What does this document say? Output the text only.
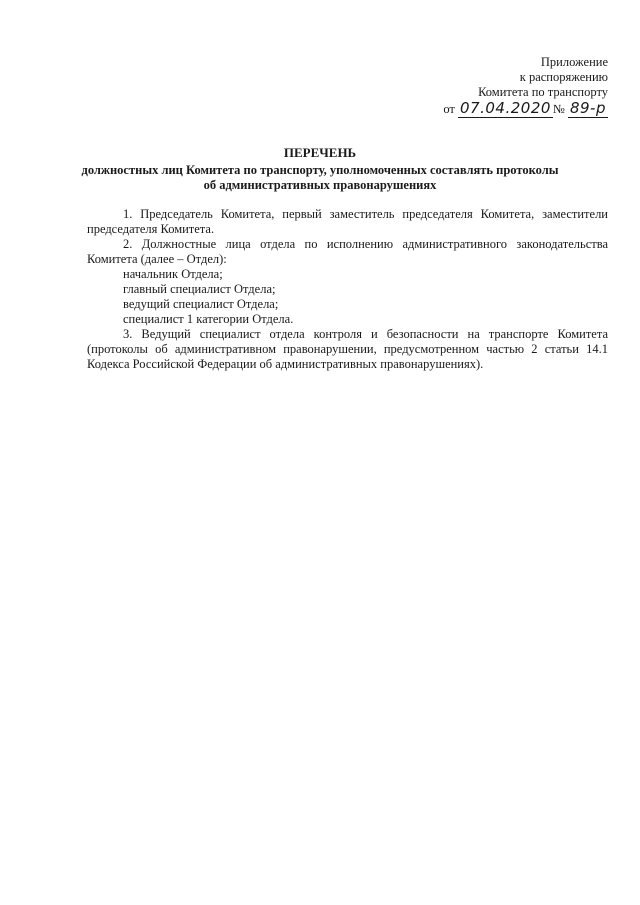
Приложение
к распоряжению
Комитета по транспорту
от 07.04.2020 № 89-р
ПЕРЕЧЕНЬ
должностных лиц Комитета по транспорту, уполномоченных составлять протоколы
об административных правонарушениях

1. Председатель Комитета, первый заместитель председателя Комитета, заместители председателя Комитета.

2. Должностные лица отдела по исполнению административного законодательства Комитета (далее – Отдел):

начальник Отдела;

главный специалист Отдела;

ведущий специалист Отдела;

специалист 1 категории Отдела.

3. Ведущий специалист отдела контроля и безопасности на транспорте Комитета (протоколы об административном правонарушении, предусмотренном частью 2 статьи 14.1 Кодекса Российской Федерации об административных правонарушениях).
